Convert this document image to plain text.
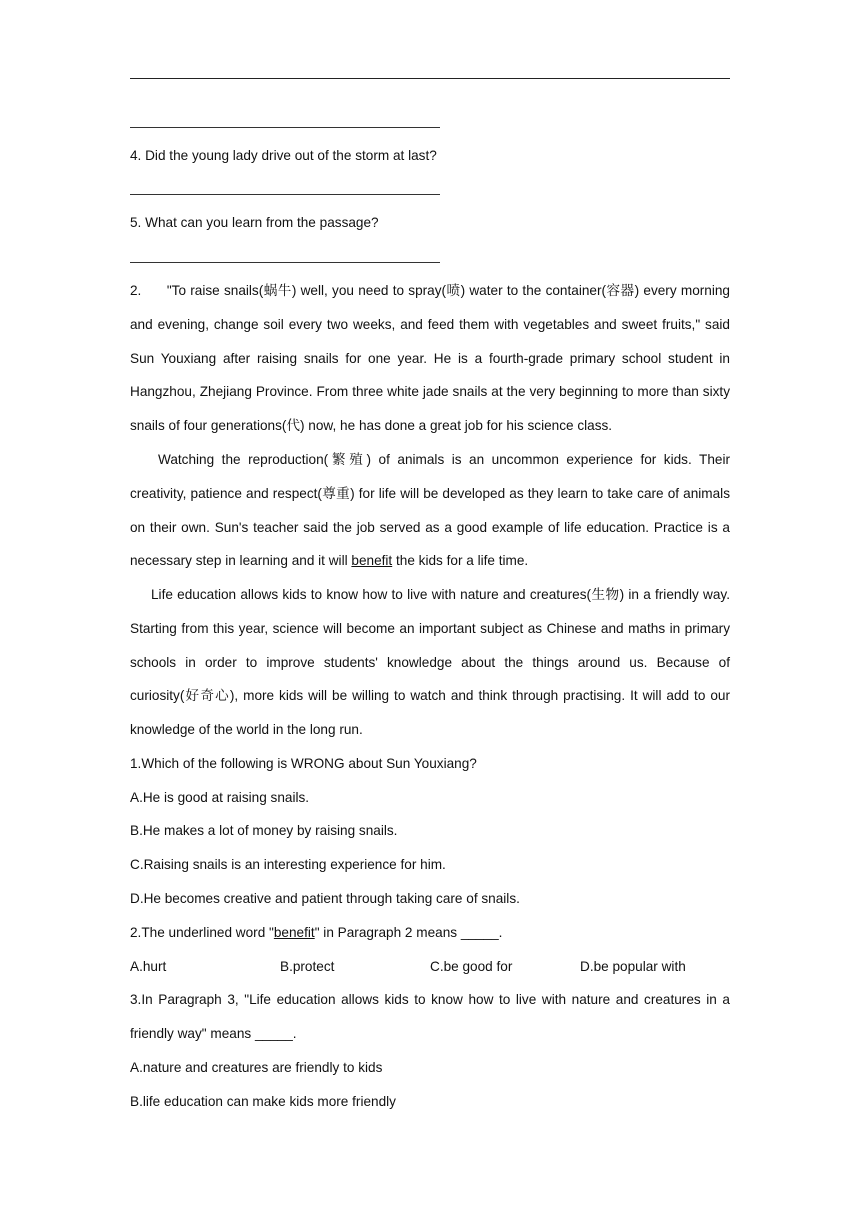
4. Did the young lady drive out of the storm at last?
5. What can you learn from the passage?
2.      "To raise snails(蜗牛) well, you need to spray(喷) water to the container(容器) every morning and evening, change soil every two weeks, and feed them with vegetables and sweet fruits," said Sun Youxiang after raising snails for one year. He is a fourth-grade primary school student in Hangzhou, Zhejiang Province. From three white jade snails at the very beginning to more than sixty snails of four generations(代) now, he has done a great job for his science class.
Watching the reproduction(繁殖) of animals is an uncommon experience for kids. Their creativity, patience and respect(尊重) for life will be developed as they learn to take care of animals on their own. Sun's teacher said the job served as a good example of life education. Practice is a necessary step in learning and it will benefit the kids for a life time.
Life education allows kids to know how to live with nature and creatures(生物) in a friendly way. Starting from this year, science will become an important subject as Chinese and maths in primary schools in order to improve students' knowledge about the things around us. Because of curiosity(好奇心), more kids will be willing to watch and think through practising. It will add to our knowledge of the world in the long run.
1.Which of the following is WRONG about Sun Youxiang?
A.He is good at raising snails.
B.He makes a lot of money by raising snails.
C.Raising snails is an interesting experience for him.
D.He becomes creative and patient through taking care of snails.
2.The underlined word "benefit" in Paragraph 2 means _____.
A.hurt	B.protect	C.be good for	D.be popular with
3.In Paragraph 3, "Life education allows kids to know how to live with nature and creatures in a friendly way" means _____.
A.nature and creatures are friendly to kids
B.life education can make kids more friendly
